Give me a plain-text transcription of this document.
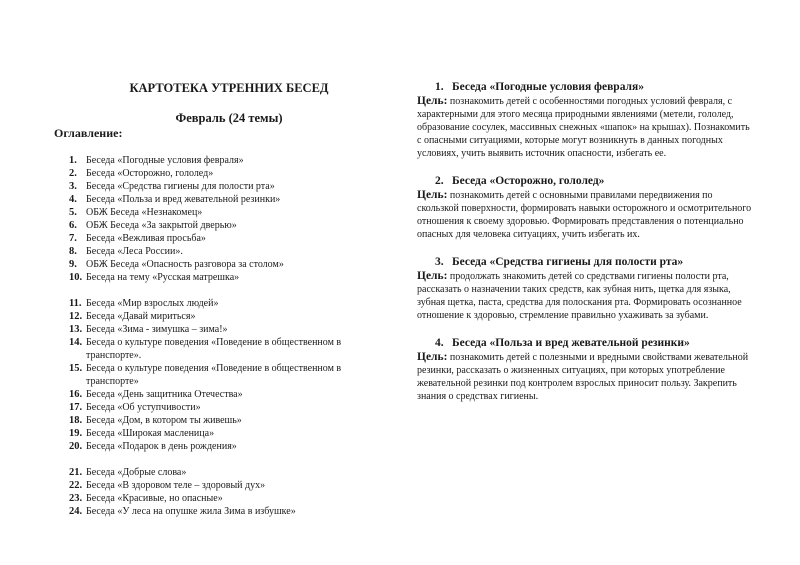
КАРТОТЕКА УТРЕННИХ БЕСЕД
Февраль (24 темы)
Оглавление:
1. Беседа «Погодные условия февраля»
2. Беседа «Осторожно, гололед»
3. Беседа «Средства гигиены для полости рта»
4. Беседа «Польза и вред жевательной резинки»
5. ОБЖ Беседа «Незнакомец»
6. ОБЖ Беседа «За закрытой дверью»
7. Беседа «Вежливая просьба»
8. Беседа «Леса России».
9. ОБЖ Беседа «Опасность разговора за столом»
10. Беседа на тему «Русская матрешка»
11. Беседа «Мир взрослых людей»
12. Беседа «Давай мириться»
13. Беседа «Зима - зимушка – зима!»
14. Беседа о культуре поведения «Поведение в общественном в транспорте».
15. Беседа о культуре поведения «Поведение в общественном в транспорте»
16. Беседа «День защитника Отечества»
17. Беседа «Об уступчивости»
18. Беседа «Дом, в котором ты живешь»
19. Беседа «Широкая масленица»
20. Беседа «Подарок в день рождения»
21. Беседа «Добрые слова»
22. Беседа «В здоровом теле – здоровый дух»
23. Беседа «Красивые, но опасные»
24. Беседа «У леса на опушке жила Зима в избушке»

1. Беседа «Погодные условия февраля»

Цель: познакомить детей с особенностями погодных условий февраля, с характерными для этого месяца природными явлениями (метели, гололед, образование сосулек, массивных снежных «шапок» на крышах). Познакомить с опасными ситуациями, которые могут возникнуть в данных погодных условиях, учить выявить источник опасности, избегать ее.

2. Беседа «Осторожно, гололед»

Цель: познакомить детей с основными правилами передвижения по скользкой поверхности, формировать навыки осторожного и осмотрительного отношения к своему здоровью. Формировать представления о потенциально опасных для человека ситуациях, учить избегать их.

3. Беседа «Средства гигиены для полости рта»

Цель: продолжать знакомить детей со средствами гигиены полости рта, рассказать о назначении таких средств, как зубная нить, щетка для языка, зубная щетка, паста, средства для полоскания рта. Формировать осознанное отношение к здоровью, стремление правильно ухаживать за зубами.

4. Беседа «Польза и вред жевательной резинки»

Цель: познакомить детей с полезными и вредными свойствами жевательной резинки, рассказать о жизненных ситуациях, при которых употребление жевательной резинки под контролем взрослых приносит пользу. Закрепить знания о средствах гигиены.
